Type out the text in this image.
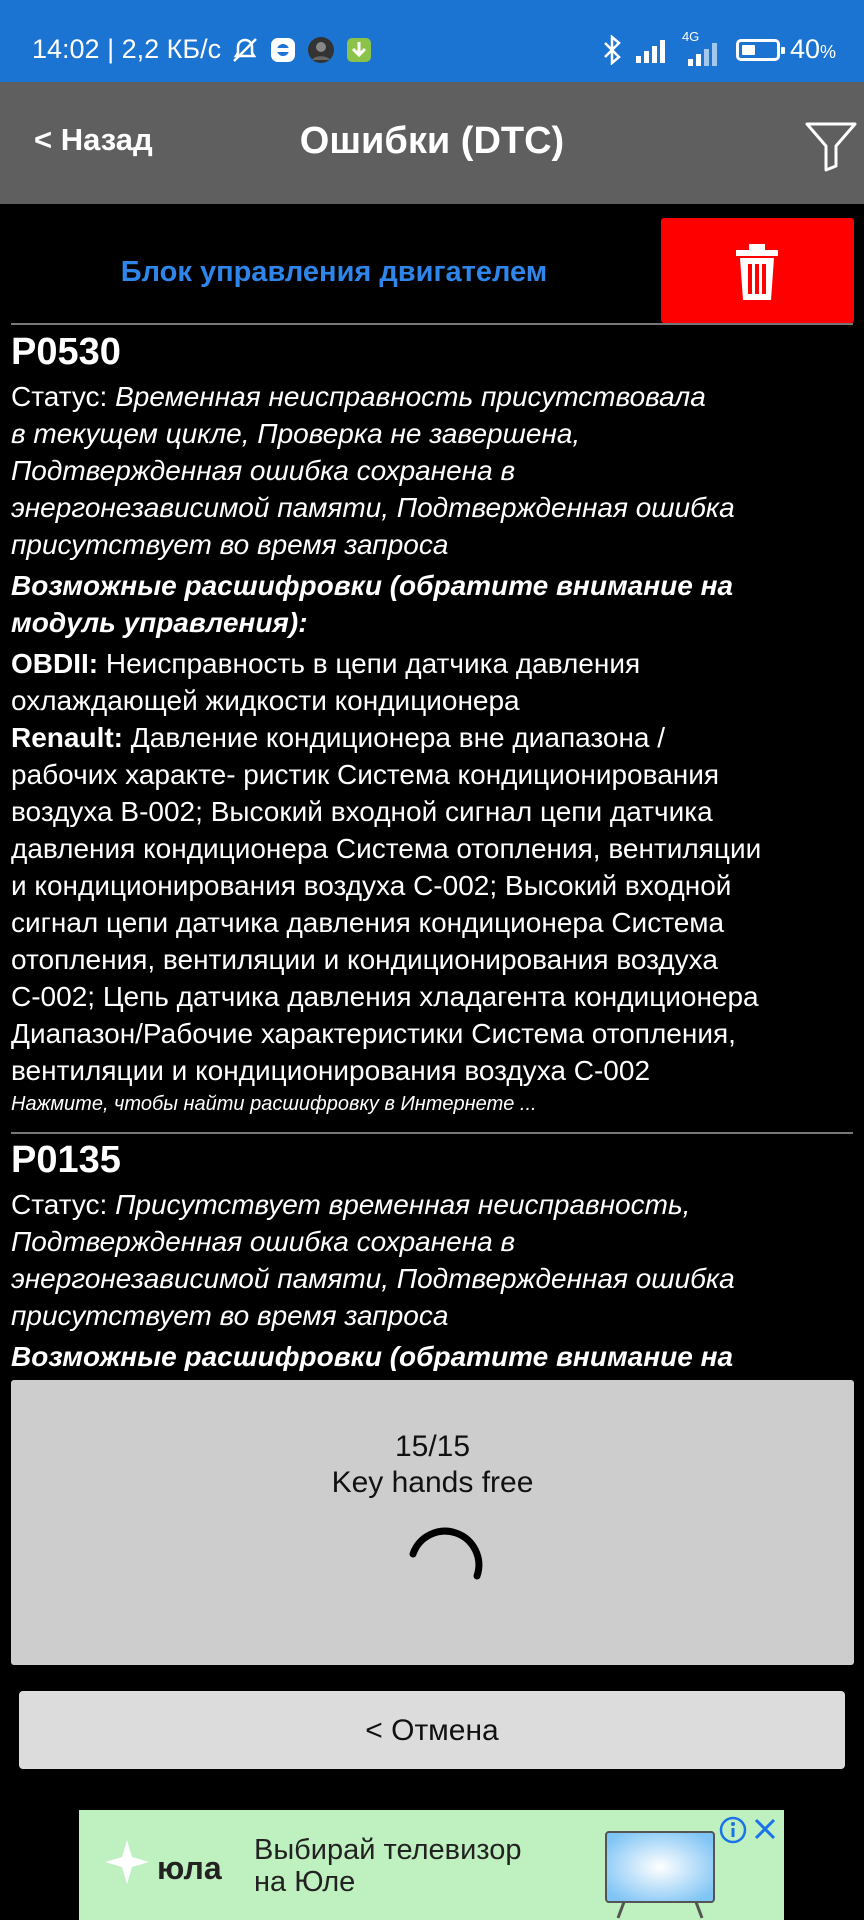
14:02 | 2,2 КБ/с	4G	40%
< Назад	Ошибки (DTC)
Блок управления двигателем
P0530
Статус: Временная неисправность присутствовала
в текущем цикле, Проверка не завершена,
Подтвержденная ошибка сохранена в
энергонезависимой памяти, Подтвержденная ошибка
присутствует во время запроса
Возможные расшифровки (обратите внимание на
модуль управления):
OBDII: Неисправность в цепи датчика давления
охлаждающей жидкости кондиционера
Renault: Давление кондиционера вне диапазона /
рабочих характе- ристик Система кондиционирования
воздуха B-002; Высокий входной сигнал цепи датчика
давления кондиционера Система отопления, вентиляции
и кондиционирования воздуха C-002; Высокий входной
сигнал цепи датчика давления кондиционера Система
отопления, вентиляции и кондиционирования воздуха
C-002; Цепь датчика давления хладагента кондиционера
Диапазон/Рабочие характеристики Система отопления,
вентиляции и кондиционирования воздуха C-002
Нажмите, чтобы найти расшифровку в Интернете ...
P0135
Статус: Присутствует временная неисправность,
Подтвержденная ошибка сохранена в
энергонезависимой памяти, Подтвержденная ошибка
присутствует во время запроса
Возможные расшифровки (обратите внимание на
15/15
Key hands free
< Отмена
юла Выбирай телевизор
на Юле
